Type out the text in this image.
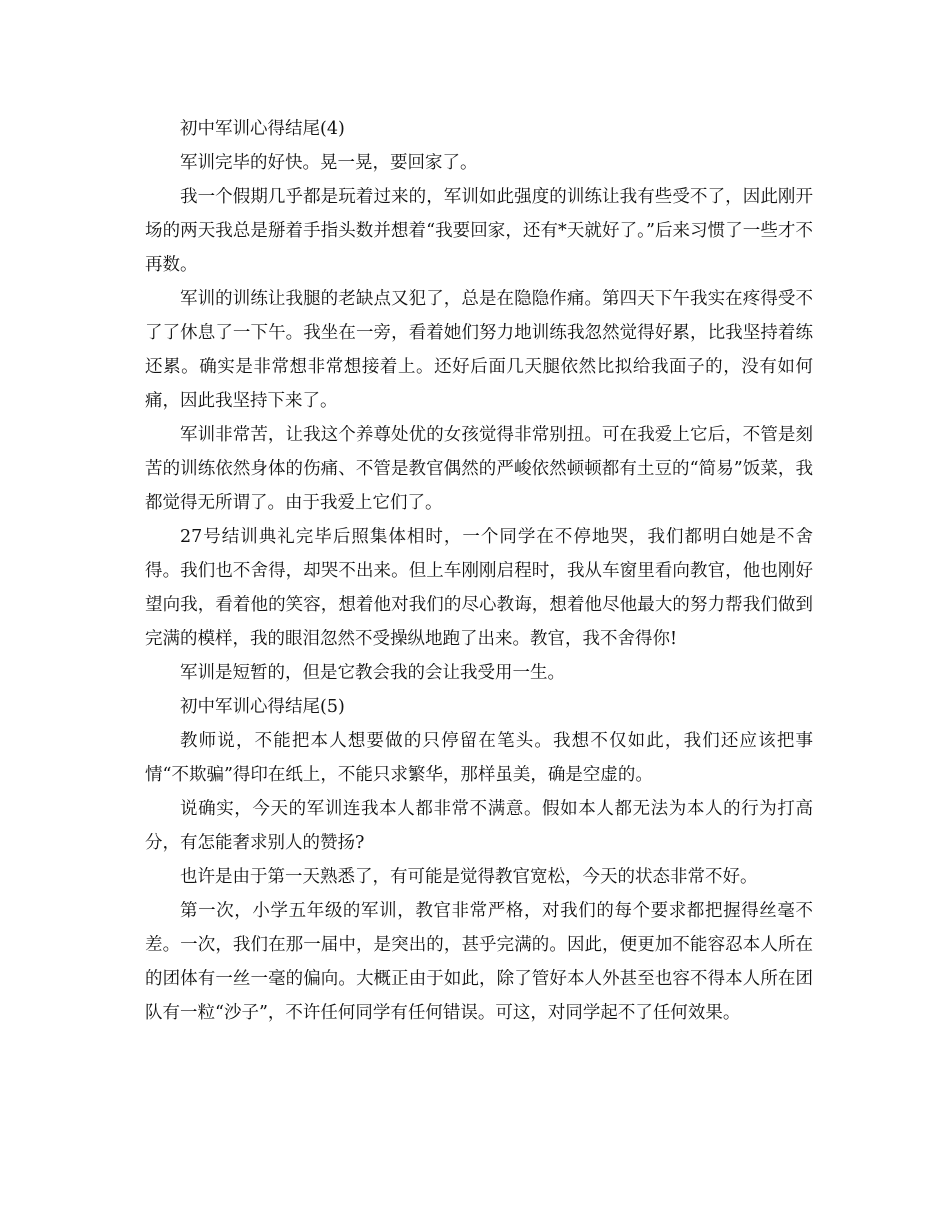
初中军训心得结尾(4)

军训完毕的好快。晃一晃，要回家了。

我一个假期几乎都是玩着过来的，军训如此强度的训练让我有些受不了，因此刚开场的两天我总是掰着手指头数并想着“我要回家，还有*天就好了。”后来习惯了一些才不再数。

军训的训练让我腿的老缺点又犯了，总是在隐隐作痛。第四天下午我实在疼得受不了了休息了一下午。我坐在一旁，看着她们努力地训练我忽然觉得好累，比我坚持着练还累。确实是非常想非常想接着上。还好后面几天腿依然比拟给我面子的，没有如何痛，因此我坚持下来了。

军训非常苦，让我这个养尊处优的女孩觉得非常别扭。可在我爱上它后，不管是刻苦的训练依然身体的伤痛、不管是教官偶然的严峻依然顿顿都有土豆的“简易”饭菜，我都觉得无所谓了。由于我爱上它们了。

27号结训典礼完毕后照集体相时，一个同学在不停地哭，我们都明白她是不舍得。我们也不舍得，却哭不出来。但上车刚刚启程时，我从车窗里看向教官，他也刚好望向我，看着他的笑容，想着他对我们的尽心教诲，想着他尽他最大的努力帮我们做到完满的模样，我的眼泪忽然不受操纵地跑了出来。教官，我不舍得你!

军训是短暂的，但是它教会我的会让我受用一生。

初中军训心得结尾(5)

教师说，不能把本人想要做的只停留在笔头。我想不仅如此，我们还应该把事情“不欺骗”得印在纸上，不能只求繁华，那样虽美，确是空虚的。

说确实，今天的军训连我本人都非常不满意。假如本人都无法为本人的行为打高分，有怎能奢求别人的赞扬?

也许是由于第一天熟悉了，有可能是觉得教官宽松，今天的状态非常不好。

第一次，小学五年级的军训，教官非常严格，对我们的每个要求都把握得丝毫不差。一次，我们在那一届中，是突出的，甚乎完满的。因此，便更加不能容忍本人所在的团体有一丝一毫的偏向。大概正由于如此，除了管好本人外甚至也容不得本人所在团队有一粒“沙子”，不许任何同学有任何错误。可这，对同学起不了任何效果。
